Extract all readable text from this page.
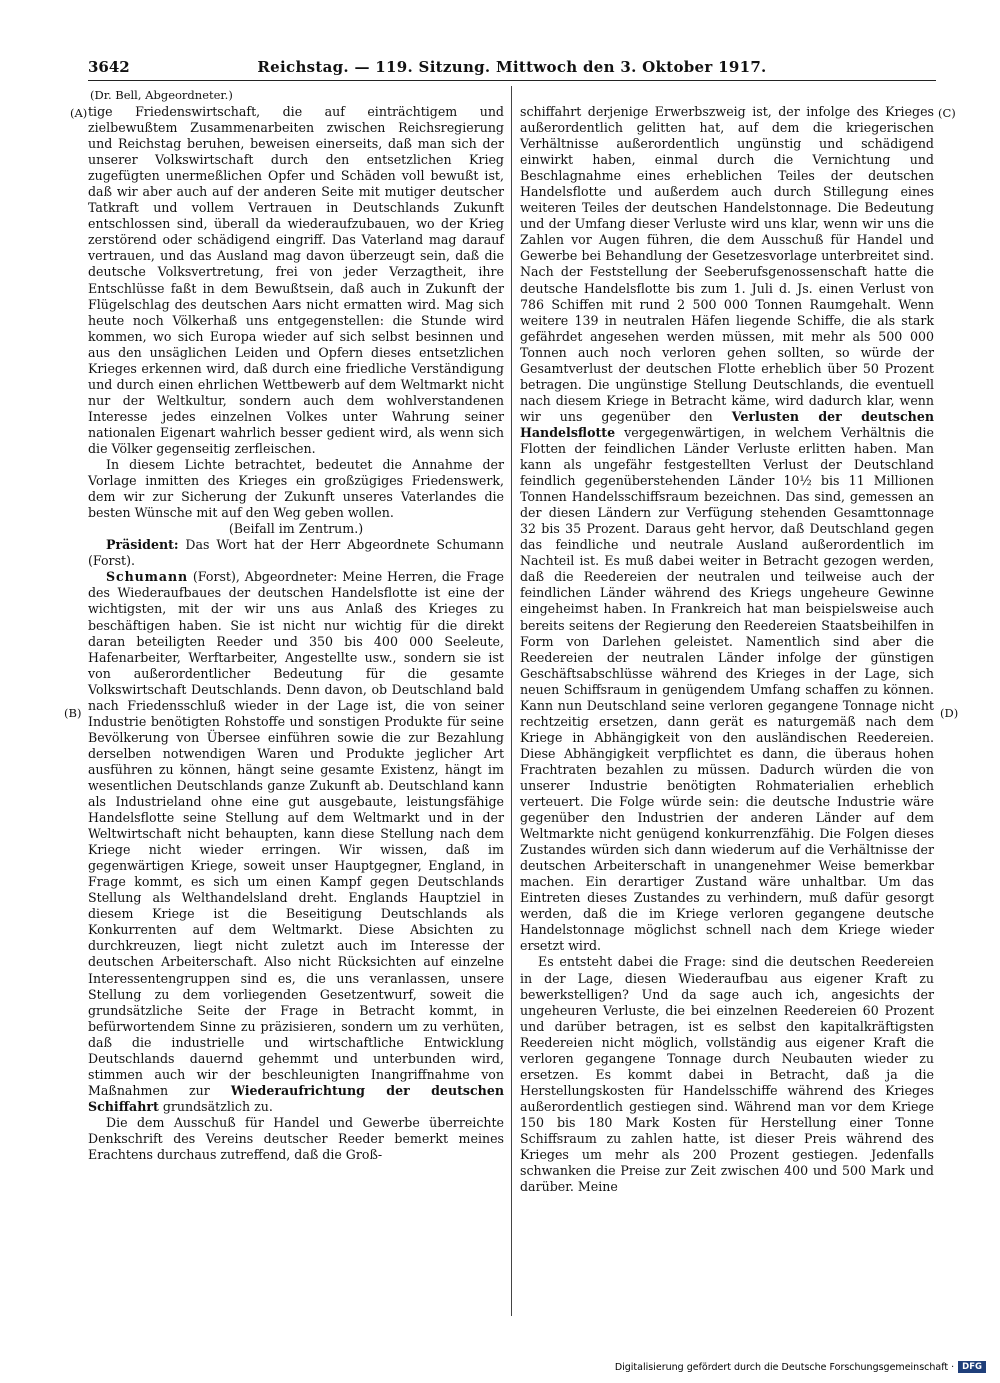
3642	Reichstag. — 119. Sitzung. Mittwoch den 3. Oktober 1917.
(Dr. Bell, Abgeordneter.)
(A)
(B)
(C)
(D)

tige Friedenswirtschaft, die auf einträchtigem und zielbewußtem Zusammenarbeiten zwischen Reichsregierung und Reichstag beruhen, beweisen einerseits, daß man sich der unserer Volkswirtschaft durch den entsetzlichen Krieg zugefügten unermeßlichen Opfer und Schäden voll bewußt ist, daß wir aber auch auf der anderen Seite mit mutiger deutscher Tatkraft und vollem Vertrauen in Deutschlands Zukunft entschlossen sind, überall da wiederaufzubauen, wo der Krieg zerstörend oder schädigend eingriff. Das Vaterland mag darauf vertrauen, und das Ausland mag davon überzeugt sein, daß die deutsche Volksvertretung, frei von jeder Verzagtheit, ihre Entschlüsse faßt in dem Bewußtsein, daß auch in Zukunft der Flügelschlag des deutschen Aars nicht ermatten wird. Mag sich heute noch Völkerhaß uns entgegenstellen: die Stunde wird kommen, wo sich Europa wieder auf sich selbst besinnen und aus den unsäglichen Leiden und Opfern dieses entsetzlichen Krieges erkennen wird, daß durch eine friedliche Verständigung und durch einen ehrlichen Wettbewerb auf dem Weltmarkt nicht nur der Weltkultur, sondern auch dem wohlverstandenen Interesse jedes einzelnen Volkes unter Wahrung seiner nationalen Eigenart wahrlich besser gedient wird, als wenn sich die Völker gegenseitig zerfleischen.

In diesem Lichte betrachtet, bedeutet die Annahme der Vorlage inmitten des Krieges ein großzügiges Friedenswerk, dem wir zur Sicherung der Zukunft unseres Vaterlandes die besten Wünsche mit auf den Weg geben wollen.

(Beifall im Zentrum.)

Präsident: Das Wort hat der Herr Abgeordnete Schumann (Forst).

Schumann (Forst), Abgeordneter: Meine Herren, die Frage des Wiederaufbaues der deutschen Handelsflotte ist eine der wichtigsten, mit der wir uns aus Anlaß des Krieges zu beschäftigen haben. Sie ist nicht nur wichtig für die direkt daran beteiligten Reeder und 350 bis 400 000 Seeleute, Hafenarbeiter, Werftarbeiter, Angestellte usw., sondern sie ist von außerordentlicher Bedeutung für die gesamte Volkswirtschaft Deutschlands. Denn davon, ob Deutschland bald nach Friedensschluß wieder in der Lage ist, die von seiner Industrie benötigten Rohstoffe und sonstigen Produkte für seine Bevölkerung von Übersee einführen sowie die zur Bezahlung derselben notwendigen Waren und Produkte jeglicher Art ausführen zu können, hängt seine gesamte Existenz, hängt im wesentlichen Deutschlands ganze Zukunft ab. Deutschland kann als Industrieland ohne eine gut ausgebaute, leistungsfähige Handelsflotte seine Stellung auf dem Weltmarkt und in der Weltwirtschaft nicht behaupten, kann diese Stellung nach dem Kriege nicht wieder erringen. Wir wissen, daß im gegenwärtigen Kriege, soweit unser Hauptgegner, England, in Frage kommt, es sich um einen Kampf gegen Deutschlands Stellung als Welthandelsland dreht. Englands Hauptziel in diesem Kriege ist die Beseitigung Deutschlands als Konkurrenten auf dem Weltmarkt. Diese Absichten zu durchkreuzen, liegt nicht zuletzt auch im Interesse der deutschen Arbeiterschaft. Also nicht Rücksichten auf einzelne Interessentengruppen sind es, die uns veranlassen, unsere Stellung zu dem vorliegenden Gesetzentwurf, soweit die grundsätzliche Seite der Frage in Betracht kommt, in befürwortendem Sinne zu präzisieren, sondern um zu verhüten, daß die industrielle und wirtschaftliche Entwicklung Deutschlands dauernd gehemmt und unterbunden wird, stimmen auch wir der beschleunigten Inangriffnahme von Maßnahmen zur Wiederaufrichtung der deutschen Schiffahrt grundsätzlich zu.

Die dem Ausschuß für Handel und Gewerbe überreichte Denkschrift des Vereins deutscher Reeder bemerkt meines Erachtens durchaus zutreffend, daß die Groß-

schiffahrt derjenige Erwerbszweig ist, der infolge des Krieges außerordentlich gelitten hat, auf dem die kriegerischen Verhältnisse außerordentlich ungünstig und schädigend einwirkt haben, einmal durch die Vernichtung und Beschlagnahme eines erheblichen Teiles der deutschen Handelsflotte und außerdem auch durch Stillegung eines weiteren Teiles der deutschen Handelstonnage. Die Bedeutung und der Umfang dieser Verluste wird uns klar, wenn wir uns die Zahlen vor Augen führen, die dem Ausschuß für Handel und Gewerbe bei Behandlung der Gesetzesvorlage unterbreitet sind. Nach der Feststellung der Seeberufsgenossenschaft hatte die deutsche Handelsflotte bis zum 1. Juli d. Js. einen Verlust von 786 Schiffen mit rund 2 500 000 Tonnen Raumgehalt. Wenn weitere 139 in neutralen Häfen liegende Schiffe, die als stark gefährdet angesehen werden müssen, mit mehr als 500 000 Tonnen auch noch verloren gehen sollten, so würde der Gesamtverlust der deutschen Flotte erheblich über 50 Prozent betragen. Die ungünstige Stellung Deutschlands, die eventuell nach diesem Kriege in Betracht käme, wird dadurch klar, wenn wir uns gegenüber den Verlusten der deutschen Handelsflotte vergegenwärtigen, in welchem Verhältnis die Flotten der feindlichen Länder Verluste erlitten haben. Man kann als ungefähr festgestellten Verlust der Deutschland feindlich gegenüberstehenden Länder 10½ bis 11 Millionen Tonnen Handelsschiffsraum bezeichnen. Das sind, gemessen an der diesen Ländern zur Verfügung stehenden Gesamttonnage 32 bis 35 Prozent. Daraus geht hervor, daß Deutschland gegen das feindliche und neutrale Ausland außerordentlich im Nachteil ist. Es muß dabei weiter in Betracht gezogen werden, daß die Reedereien der neutralen und teilweise auch der feindlichen Länder während des Kriegs ungeheure Gewinne eingeheimst haben. In Frankreich hat man beispielsweise auch bereits seitens der Regierung den Reedereien Staatsbeihilfen in Form von Darlehen geleistet. Namentlich sind aber die Reedereien der neutralen Länder infolge der günstigen Geschäftsabschlüsse während des Krieges in der Lage, sich neuen Schiffsraum in genügendem Umfang schaffen zu können. Kann nun Deutschland seine verloren gegangene Tonnage nicht rechtzeitig ersetzen, dann gerät es naturgemäß nach dem Kriege in Abhängigkeit von den ausländischen Reedereien. Diese Abhängigkeit verpflichtet es dann, die überaus hohen Frachtraten bezahlen zu müssen. Dadurch würden die von unserer Industrie benötigten Rohmaterialien erheblich verteuert. Die Folge würde sein: die deutsche Industrie wäre gegenüber den Industrien der anderen Länder auf dem Weltmarkte nicht genügend konkurrenzfähig. Die Folgen dieses Zustandes würden sich dann wiederum auf die Verhältnisse der deutschen Arbeiterschaft in unangenehmer Weise bemerkbar machen. Ein derartiger Zustand wäre unhaltbar. Um das Eintreten dieses Zustandes zu verhindern, muß dafür gesorgt werden, daß die im Kriege verloren gegangene deutsche Handelstonnage möglichst schnell nach dem Kriege wieder ersetzt wird.

Es entsteht dabei die Frage: sind die deutschen Reedereien in der Lage, diesen Wiederaufbau aus eigener Kraft zu bewerkstelligen? Und da sage auch ich, angesichts der ungeheuren Verluste, die bei einzelnen Reedereien 60 Prozent und darüber betragen, ist es selbst den kapitalkräftigsten Reedereien nicht möglich, vollständig aus eigener Kraft die verloren gegangene Tonnage durch Neubauten wieder zu ersetzen. Es kommt dabei in Betracht, daß ja die Herstellungskosten für Handelsschiffe während des Krieges außerordentlich gestiegen sind. Während man vor dem Kriege 150 bis 180 Mark Kosten für Herstellung einer Tonne Schiffsraum zu zahlen hatte, ist dieser Preis während des Krieges um mehr als 200 Prozent gestiegen. Jedenfalls schwanken die Preise zur Zeit zwischen 400 und 500 Mark und darüber. Meine

Digitalisierung gefördert durch die Deutsche Forschungsgemeinschaft · DFG
